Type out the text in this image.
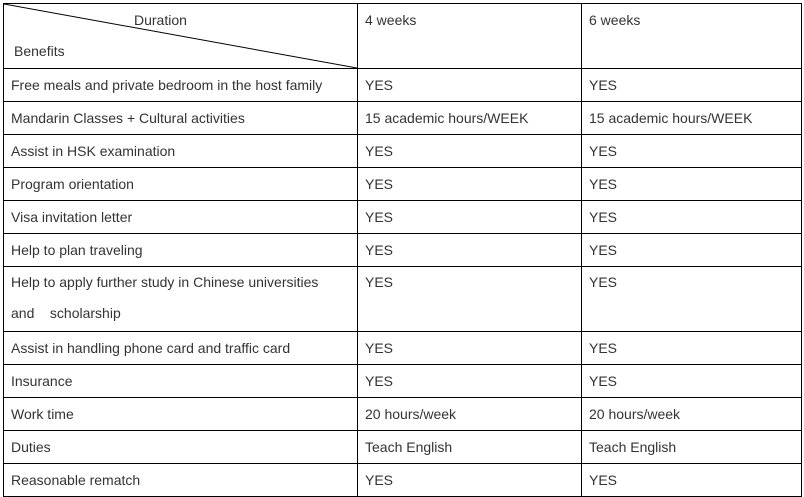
Duration
Benefits	4 weeks	6 weeks
Free meals and private bedroom in the host family	YES	YES
Mandarin Classes + Cultural activities	15 academic hours/WEEK	15 academic hours/WEEK
Assist in HSK examination	YES	YES
Program orientation	YES	YES
Visa invitation letter	YES	YES
Help to plan traveling	YES	YES
Help to apply further study in Chinese universities and    scholarship	YES	YES
Assist in handling phone card and traffic card	YES	YES
Insurance	YES	YES
Work time	20 hours/week	20 hours/week
Duties	Teach English	Teach English
Reasonable rematch	YES	YES
